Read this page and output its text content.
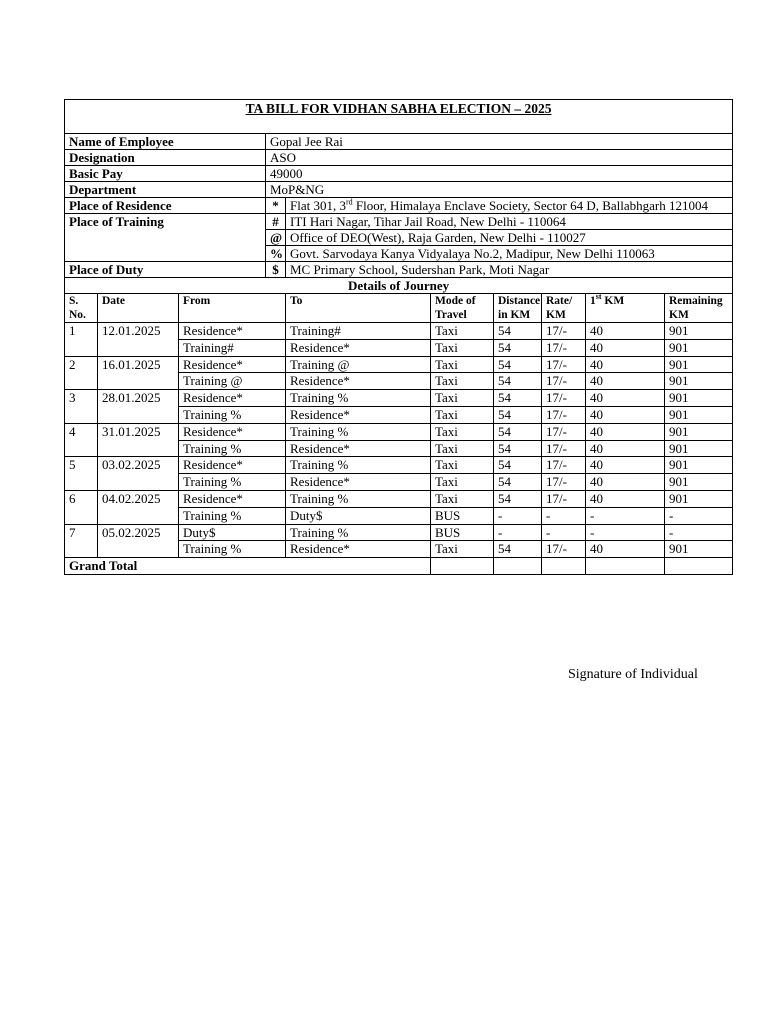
TA BILL FOR VIDHAN SABHA ELECTION – 2025										

Name of Employee			Gopal Jee Rai							
Designation			ASO							
Basic Pay			49000							
Department			MoP&NG							
Place of Residence			*	Flat 301, 3rd Floor, Himalaya Enclave Society, Sector 64 D, Ballabhgarh 121004						
Place of Training			#	ITI Hari Nagar, Tihar Jail Road, New Delhi - 110064						
			@	Office of DEO(West), Raja Garden, New Delhi - 110027						
			%	Govt. Sarvodaya Kanya Vidyalaya No.2, Madipur, New Delhi 110063						
Place of Duty			$	MC Primary School, Sudershan Park, Moti Nagar						
Details of Journey										
S. No.	Date	From		To	Mode of Travel	Distance in KM	Rate/ KM	1st KM	Remaining KM	
1	12.01.2025	Residence*		Training#	Taxi	54	17/-	40	901	
		Training#		Residence*	Taxi	54	17/-	40	901	
2	16.01.2025	Residence*		Training @	Taxi	54	17/-	40	901	
		Training @		Residence*	Taxi	54	17/-	40	901	
3	28.01.2025	Residence*		Training %	Taxi	54	17/-	40	901	
		Training %		Residence*	Taxi	54	17/-	40	901	
4	31.01.2025	Residence*		Training %	Taxi	54	17/-	40	901	
		Training %		Residence*	Taxi	54	17/-	40	901	
5	03.02.2025	Residence*		Training %	Taxi	54	17/-	40	901	
		Training %		Residence*	Taxi	54	17/-	40	901	
6	04.02.2025	Residence*		Training %	Taxi	54	17/-	40	901	
		Training %		Duty$	BUS	-	-	-	-	
7	05.02.2025	Duty$		Training %	BUS	-	-	-	-	
		Training %		Residence*	Taxi	54	17/-	40	901	
Grand Total						
Signature of Individual
